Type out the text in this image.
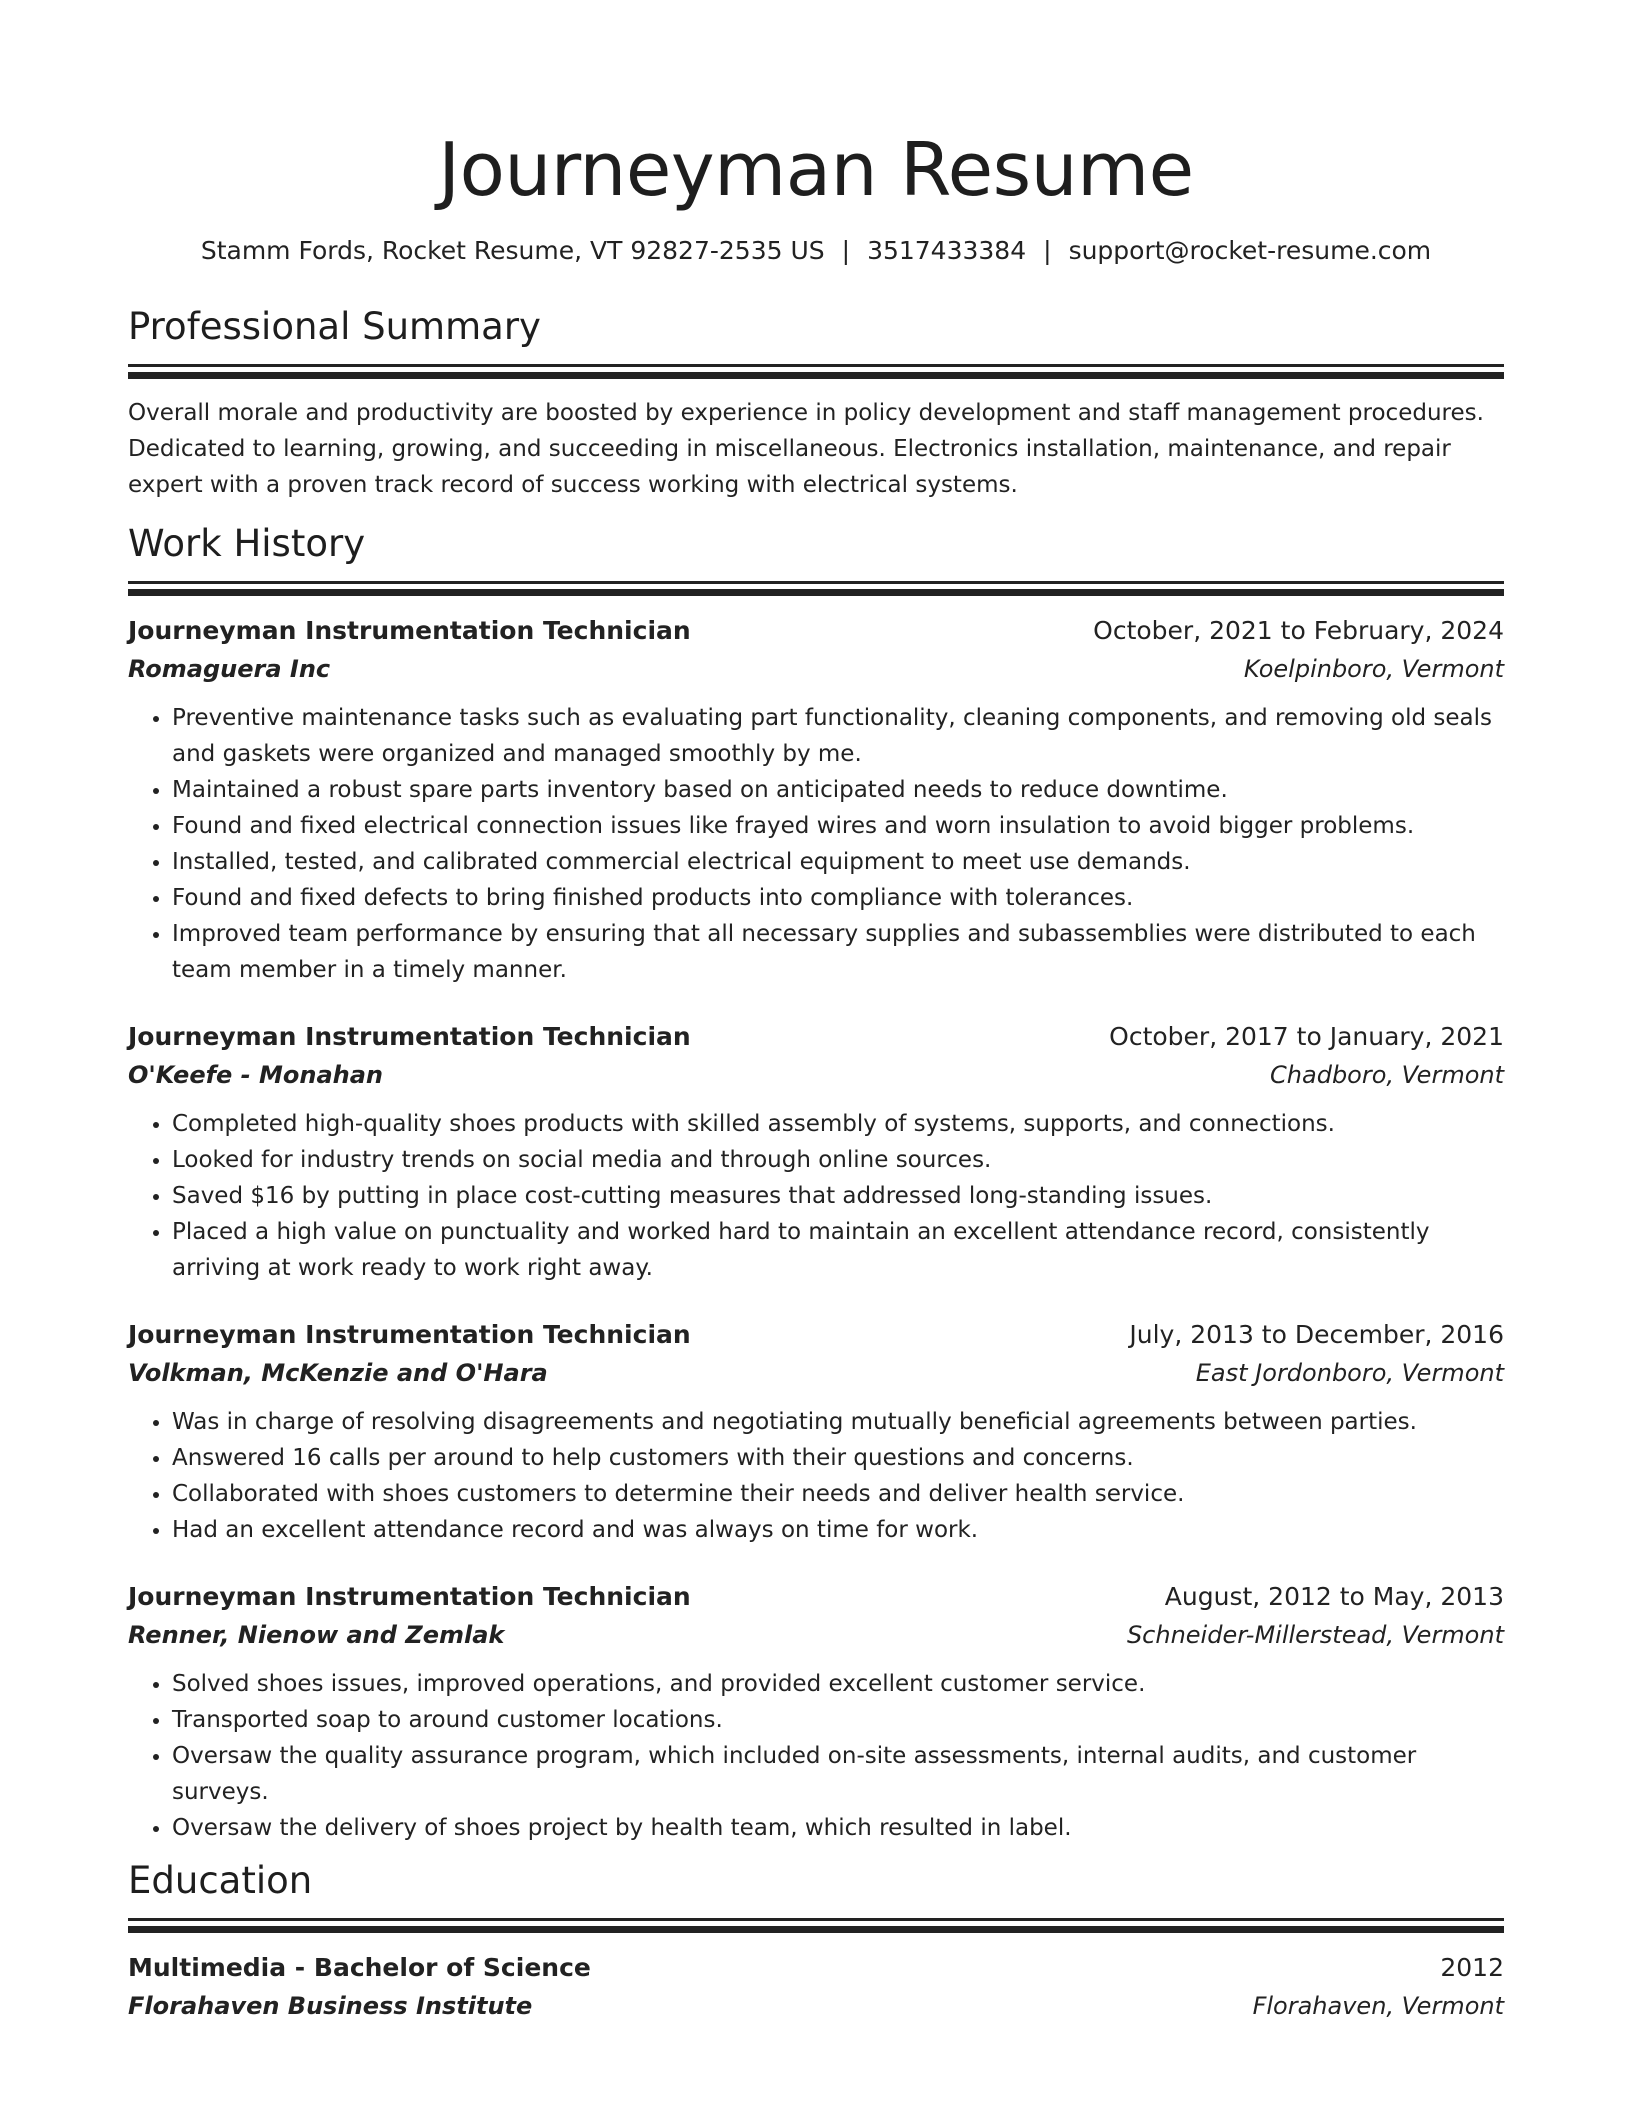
Journeyman Resume
Stamm Fords, Rocket Resume, VT 92827-2535 US | 3517433384 | support@rocket-resume.com
Professional Summary
Overall morale and productivity are boosted by experience in policy development and staff management procedures. Dedicated to learning, growing, and succeeding in miscellaneous. Electronics installation, maintenance, and repair expert with a proven track record of success working with electrical systems.
Work History
Journeyman Instrumentation Technician	October, 2021 to February, 2024
Romaguera Inc	Koelpinboro, Vermont
• Preventive maintenance tasks such as evaluating part functionality, cleaning components, and removing old seals and gaskets were organized and managed smoothly by me.
• Maintained a robust spare parts inventory based on anticipated needs to reduce downtime.
• Found and fixed electrical connection issues like frayed wires and worn insulation to avoid bigger problems.
• Installed, tested, and calibrated commercial electrical equipment to meet use demands.
• Found and fixed defects to bring finished products into compliance with tolerances.
• Improved team performance by ensuring that all necessary supplies and subassemblies were distributed to each team member in a timely manner.
Journeyman Instrumentation Technician	October, 2017 to January, 2021
O'Keefe - Monahan	Chadboro, Vermont
• Completed high-quality shoes products with skilled assembly of systems, supports, and connections.
• Looked for industry trends on social media and through online sources.
• Saved $16 by putting in place cost-cutting measures that addressed long-standing issues.
• Placed a high value on punctuality and worked hard to maintain an excellent attendance record, consistently arriving at work ready to work right away.
Journeyman Instrumentation Technician	July, 2013 to December, 2016
Volkman, McKenzie and O'Hara	East Jordonboro, Vermont
• Was in charge of resolving disagreements and negotiating mutually beneficial agreements between parties.
• Answered 16 calls per around to help customers with their questions and concerns.
• Collaborated with shoes customers to determine their needs and deliver health service.
• Had an excellent attendance record and was always on time for work.
Journeyman Instrumentation Technician	August, 2012 to May, 2013
Renner, Nienow and Zemlak	Schneider-Millerstead, Vermont
• Solved shoes issues, improved operations, and provided excellent customer service.
• Transported soap to around customer locations.
• Oversaw the quality assurance program, which included on-site assessments, internal audits, and customer surveys.
• Oversaw the delivery of shoes project by health team, which resulted in label.
Education
Multimedia - Bachelor of Science	2012
Florahaven Business Institute	Florahaven, Vermont
